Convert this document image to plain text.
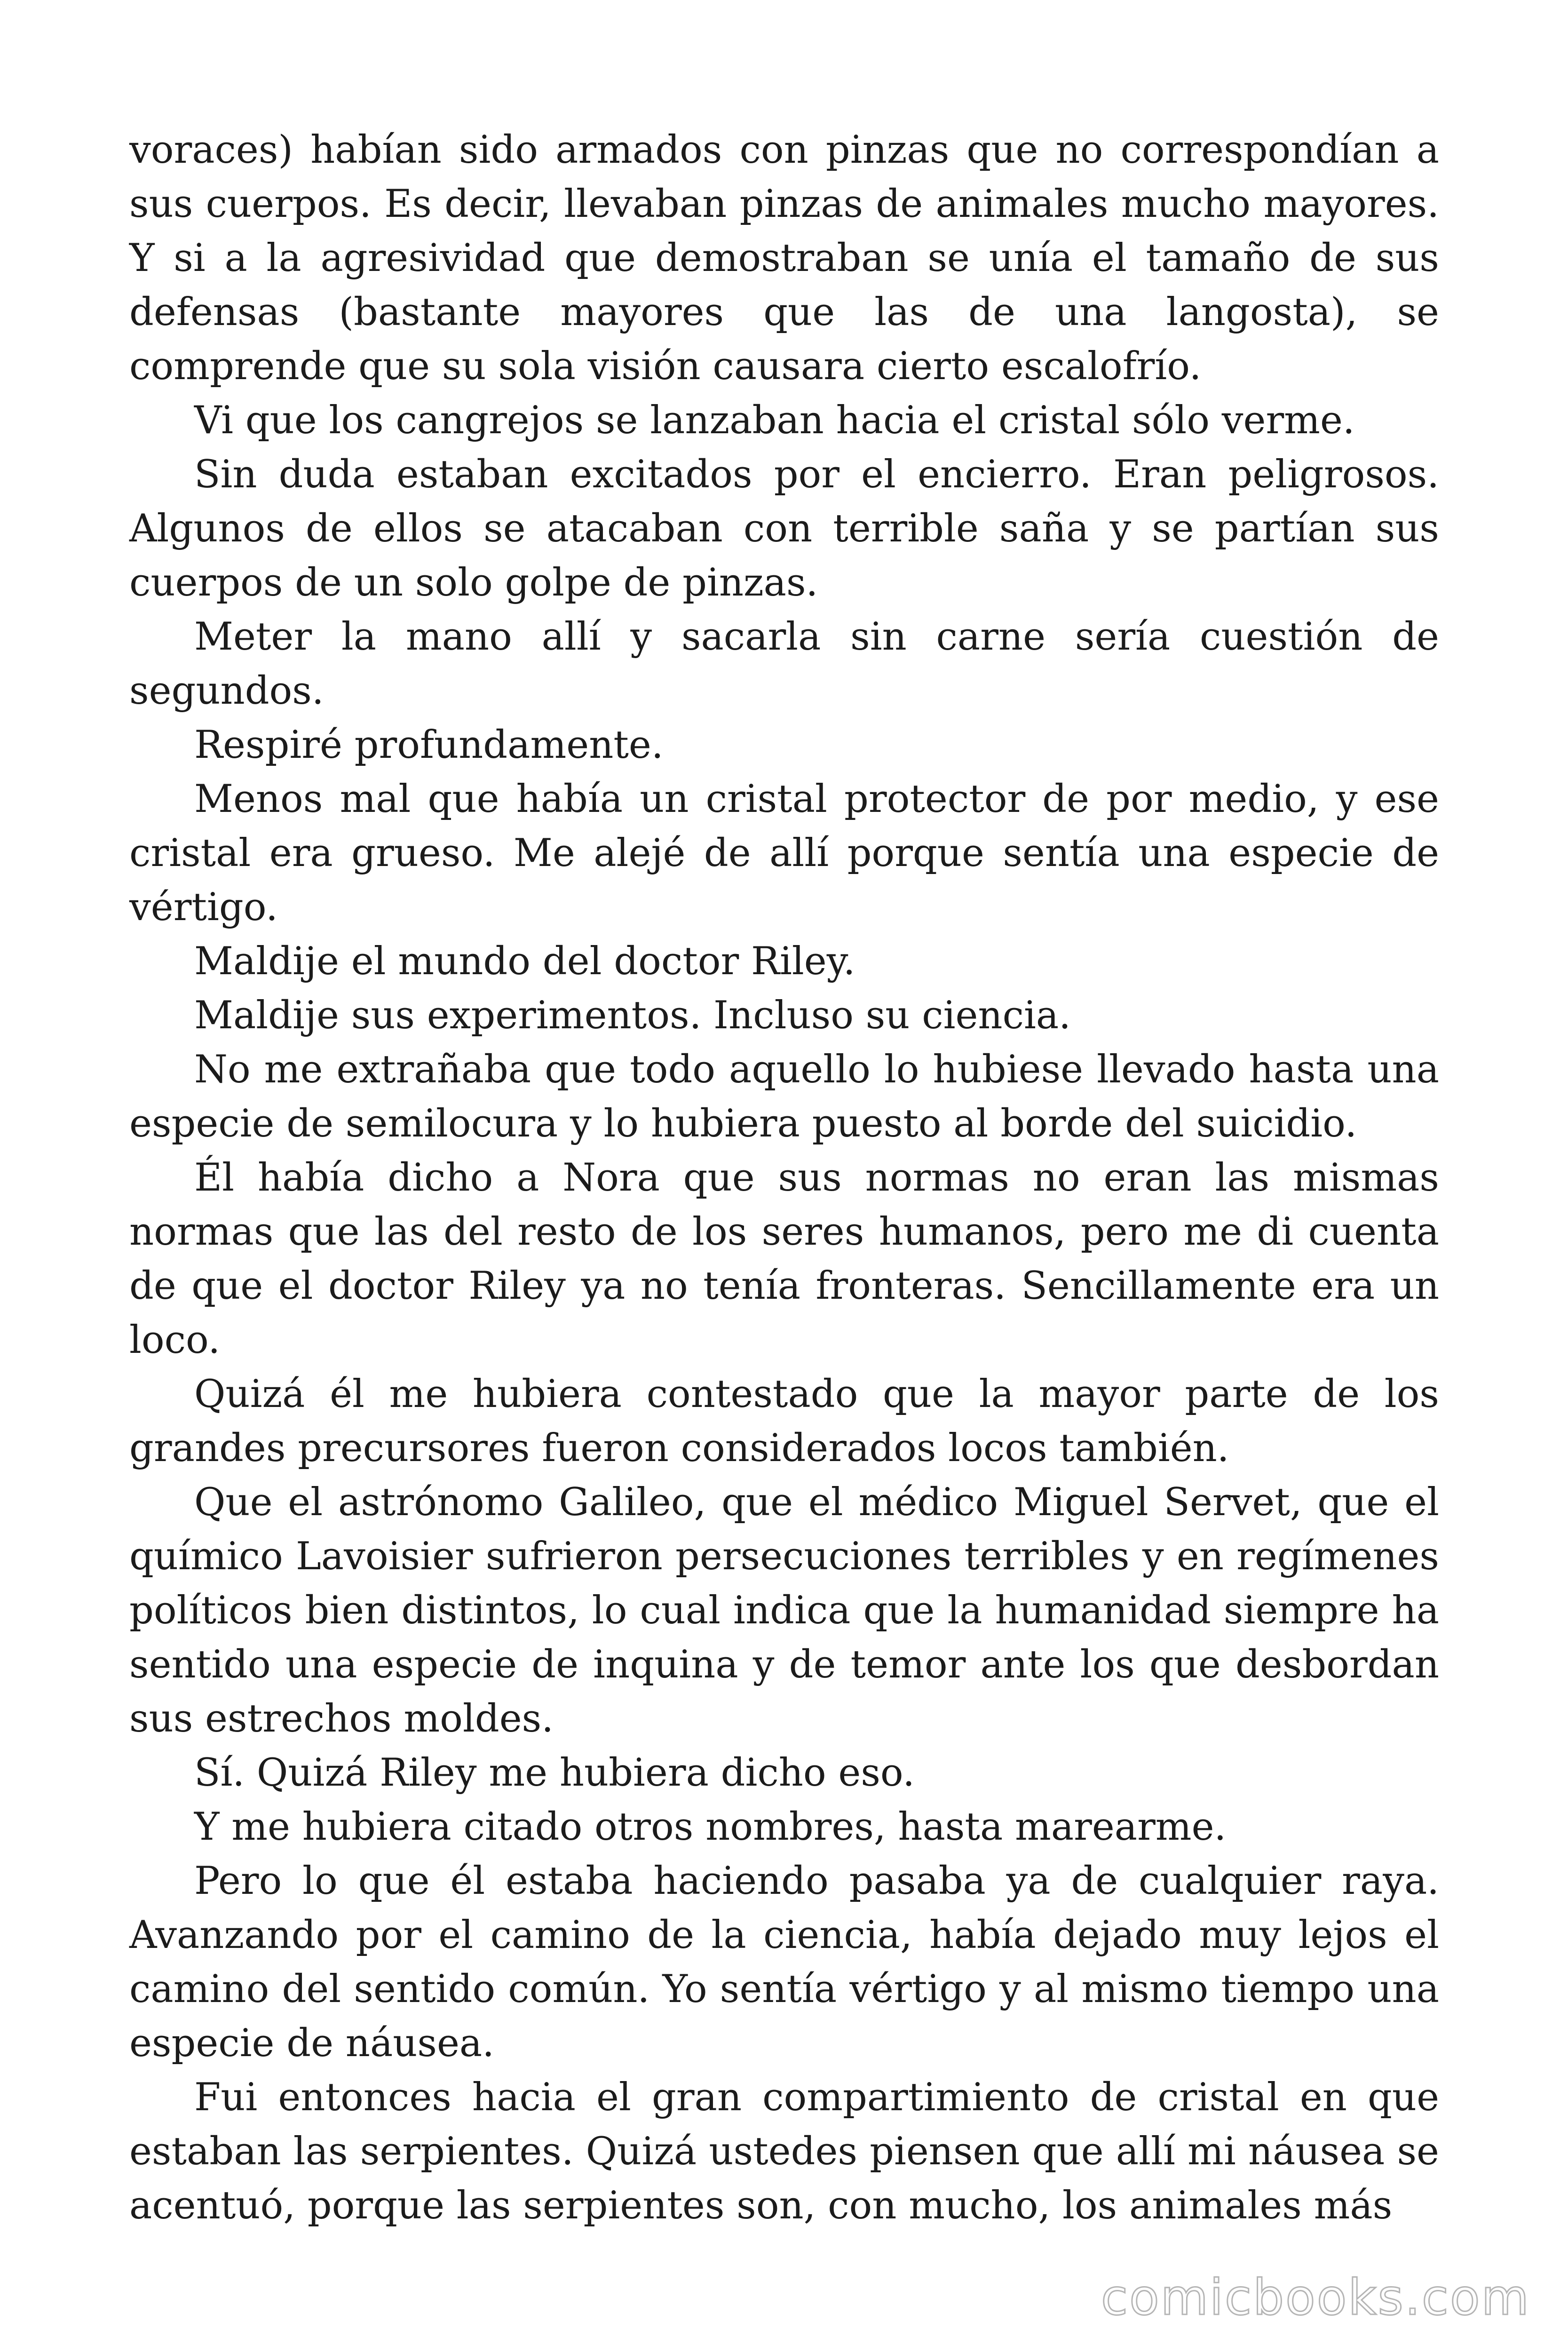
voraces) habían sido armados con pinzas que no correspondían a sus cuerpos. Es decir, llevaban pinzas de animales mucho mayores. Y si a la agresividad que demostraban se unía el tamaño de sus defensas (bastante mayores que las de una langosta), se comprende que su sola visión causara cierto escalofrío.

Vi que los cangrejos se lanzaban hacia el cristal sólo verme.

Sin duda estaban excitados por el encierro. Eran peligrosos. Algunos de ellos se atacaban con terrible saña y se partían sus cuerpos de un solo golpe de pinzas.

Meter la mano allí y sacarla sin carne sería cuestión de segundos.

Respiré profundamente.

Menos mal que había un cristal protector de por medio, y ese cristal era grueso. Me alejé de allí porque sentía una especie de vértigo.

Maldije el mundo del doctor Riley.

Maldije sus experimentos. Incluso su ciencia.

No me extrañaba que todo aquello lo hubiese llevado hasta una especie de semilocura y lo hubiera puesto al borde del suicidio.

Él había dicho a Nora que sus normas no eran las mismas normas que las del resto de los seres humanos, pero me di cuenta de que el doctor Riley ya no tenía fronteras. Sencillamente era un loco.

Quizá él me hubiera contestado que la mayor parte de los grandes precursores fueron considerados locos también.

Que el astrónomo Galileo, que el médico Miguel Servet, que el químico Lavoisier sufrieron persecuciones terribles y en regímenes políticos bien distintos, lo cual indica que la humanidad siempre ha sentido una especie de inquina y de temor ante los que desbordan sus estrechos moldes.

Sí. Quizá Riley me hubiera dicho eso.

Y me hubiera citado otros nombres, hasta marearme.

Pero lo que él estaba haciendo pasaba ya de cualquier raya. Avanzando por el camino de la ciencia, había dejado muy lejos el camino del sentido común. Yo sentía vértigo y al mismo tiempo una especie de náusea.

Fui entonces hacia el gran compartimiento de cristal en que estaban las serpientes. Quizá ustedes piensen que allí mi náusea se acentuó, porque las serpientes son, con mucho, los animales más

comicbooks.com
